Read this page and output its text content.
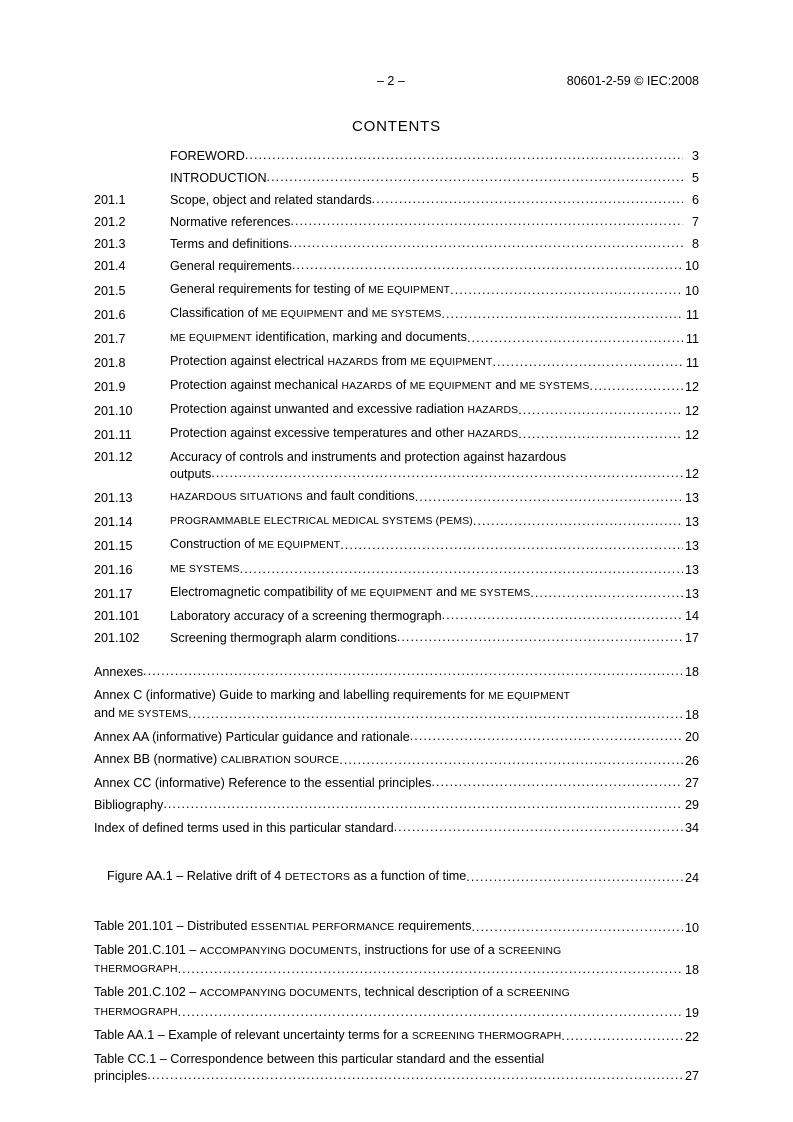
– 2 –	80601-2-59 © IEC:2008
CONTENTS
FOREWORD .....	3
INTRODUCTION .....	5
201.1	Scope, object and related standards .....	6
201.2	Normative references .....	7
201.3	Terms and definitions .....	8
201.4	General requirements .....	10
201.5	General requirements for testing of ME EQUIPMENT .....	10
201.6	Classification of ME EQUIPMENT and ME SYSTEMS .....	11
201.7	ME EQUIPMENT identification, marking and documents .....	11
201.8	Protection against electrical HAZARDS from ME EQUIPMENT .....	11
201.9	Protection against mechanical HAZARDS of ME EQUIPMENT and ME SYSTEMS .....	12
201.10	Protection against unwanted and excessive radiation HAZARDS .....	12
201.11	Protection against excessive temperatures and other HAZARDS .....	12
201.12	Accuracy of controls and instruments and protection against hazardous
outputs .....	12
201.13	HAZARDOUS SITUATIONS and fault conditions .....	13
201.14	PROGRAMMABLE ELECTRICAL MEDICAL SYSTEMS (PEMS) .....	13
201.15	Construction of ME EQUIPMENT .....	13
201.16	ME SYSTEMS .....	13
201.17	Electromagnetic compatibility of ME EQUIPMENT and ME SYSTEMS .....	13
201.101	Laboratory accuracy of a screening thermograph .....	14
201.102	Screening thermograph alarm conditions .....	17
Annexes .....	18
Annex C (informative) Guide to marking and labelling requirements for ME EQUIPMENT
and ME SYSTEMS .....	18
Annex AA (informative) Particular guidance and rationale .....	20
Annex BB (normative) CALIBRATION SOURCE .....	26
Annex CC (informative) Reference to the essential principles .....	27
Bibliography .....	29
Index of defined terms used in this particular standard .....	34
Figure AA.1 – Relative drift of 4 DETECTORS as a function of time .....	24
Table 201.101 – Distributed ESSENTIAL PERFORMANCE requirements .....	10
Table 201.C.101 – ACCOMPANYING DOCUMENTS, instructions for use of a SCREENING
THERMOGRAPH .....	18
Table 201.C.102 – ACCOMPANYING DOCUMENTS, technical description of a SCREENING
THERMOGRAPH .....	19
Table AA.1 – Example of relevant uncertainty terms for a SCREENING THERMOGRAPH .....	22
Table CC.1 – Correspondence between this particular standard and the essential
principles .....	27
